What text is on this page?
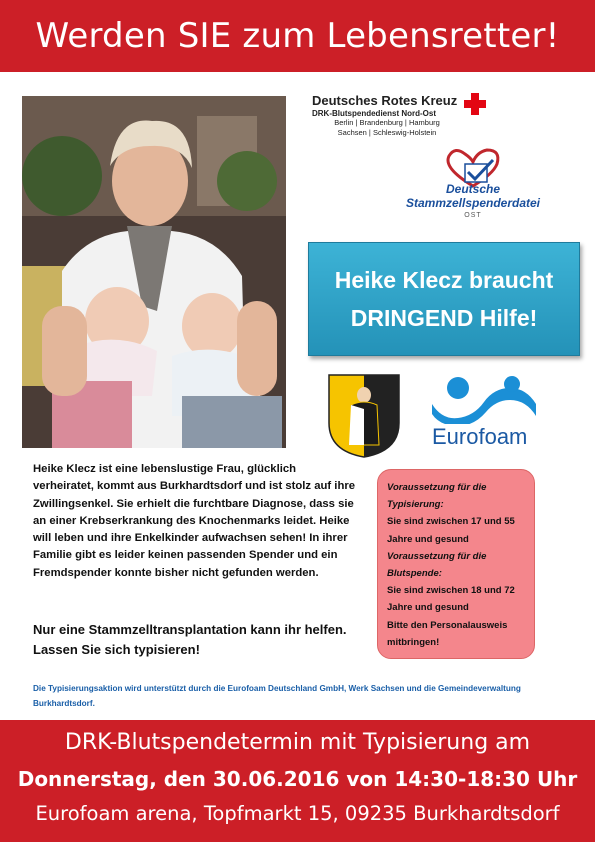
Werden SIE zum Lebensretter!
Deutsches Rotes Kreuz
DRK-Blutspendedienst Nord-Ost
Berlin | Brandenburg | Hamburg
Sachsen | Schleswig-Holstein
Deutsche
Stammzellspenderdatei
OST
Heike Klecz braucht
DRINGEND Hilfe!
Eurofoam
Heike Klecz ist eine lebenslustige Frau, glücklich verheiratet, kommt aus Burkhardtsdorf und ist stolz auf ihre Zwillingsenkel. Sie erhielt die furchtbare Diagnose, dass sie an einer Krebserkrankung des Knochenmarks leidet. Heike will leben und ihre Enkelkinder aufwachsen sehen! In ihrer Familie gibt es leider keinen passenden Spender und ein Fremdspender konnte bisher nicht gefunden werden.
Nur eine Stammzelltransplantation kann ihr helfen. Lassen Sie sich typisieren!
Voraussetzung für die Typisierung:
Sie sind zwischen 17 und 55 Jahre und gesund
Voraussetzung für die Blutspende:
Sie sind zwischen 18 und 72 Jahre und gesund
Bitte den Personalausweis mitbringen!
Die Typisierungsaktion wird unterstützt durch die Eurofoam Deutschland GmbH, Werk Sachsen und die Gemeindeverwaltung Burkhardtsdorf.
DRK-Blutspendetermin mit Typisierung am
Donnerstag, den 30.06.2016 von 14:30-18:30 Uhr
Eurofoam arena, Topfmarkt 15, 09235 Burkhardtsdorf
